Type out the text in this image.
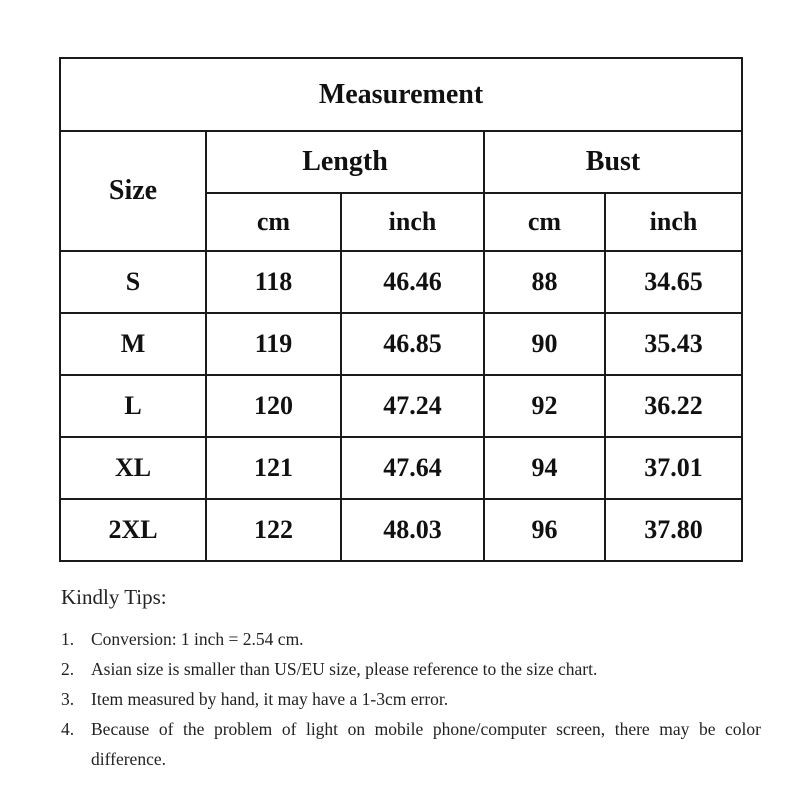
Measurement				
Size	Length		Bust	
	cm	inch	cm	inch
S	118	46.46	88	34.65
M	119	46.85	90	35.43
L	120	47.24	92	36.22
XL	121	47.64	94	37.01
2XL	122	48.03	96	37.80
Kindly Tips:
1. Conversion: 1 inch = 2.54 cm.
2. Asian size is smaller than US/EU size, please reference to the size chart.
3. Item measured by hand, it may have a 1-3cm error.
4. Because of the problem of light on mobile phone/computer screen, there may be color difference.
